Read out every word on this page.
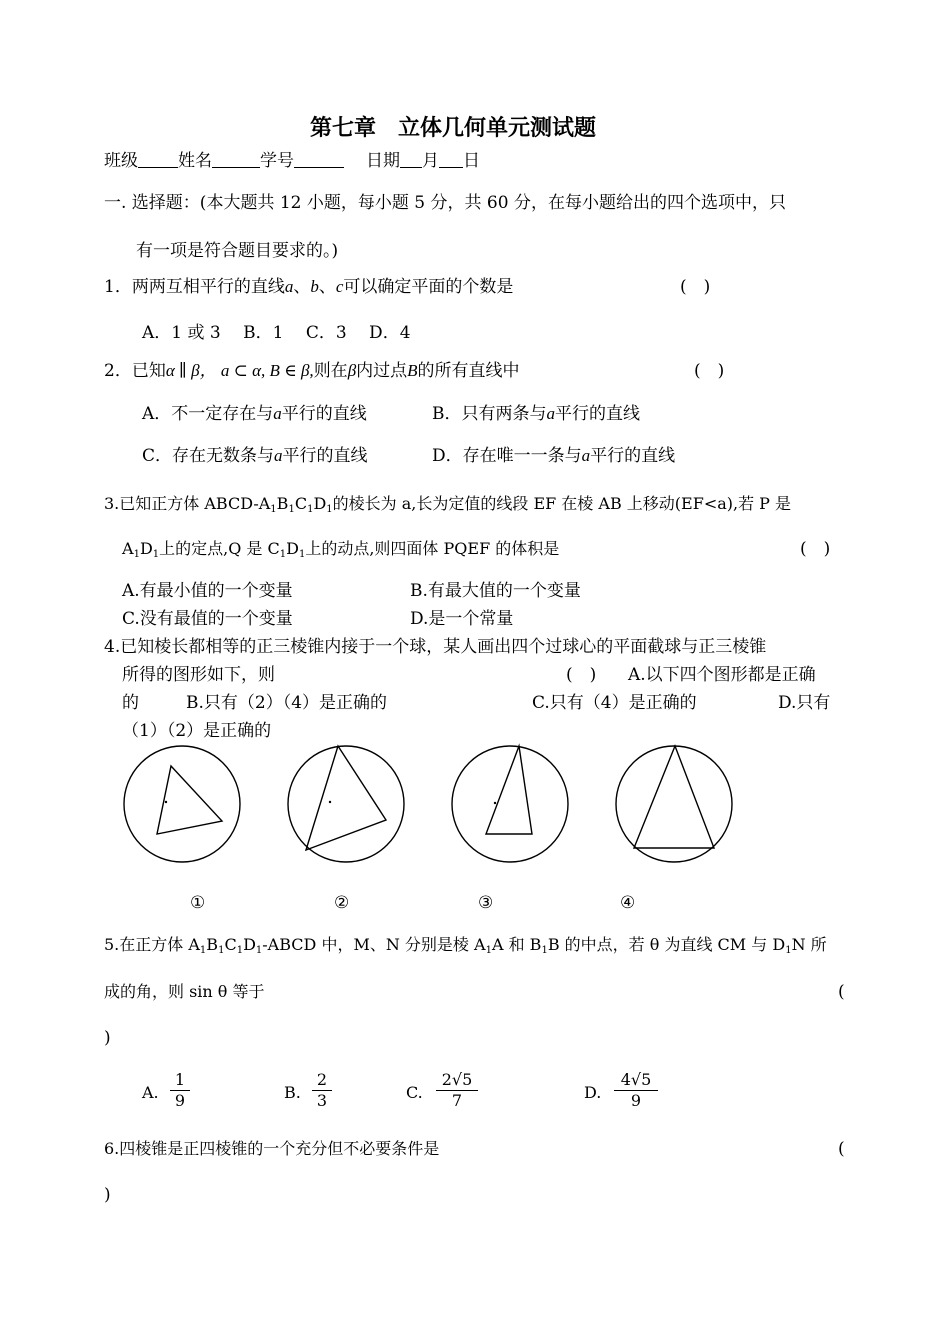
第七章　立体几何单元测试题
班级 姓名	学号	日期 月 日
一. 选择题：(本大题共 12 小题，每小题 5 分，共 60 分，在每小题给出的四个选项中，只
有一项是符合题目要求的。)
1．两两互相平行的直线a、b、c可以确定平面的个数是	(　)
A．1 或 3　 B．1　 C．3　 D．4
2．已知α ∥ β， a ⊂ α, B ∈ β,则在β内过点B的所有直线中	(　)
A．不一定存在与a平行的直线	B．只有两条与a平行的直线
C．存在无数条与a平行的直线	D．存在唯一一条与a平行的直线
3.已知正方体 ABCD-$A_1B_1C_1D_1$的棱长为 a,长为定值的线段 EF 在棱 AB 上移动(EF<a),若 P 是
$A_1D_1$上的定点,Q 是 $C_1D_1$上的动点,则四面体 PQEF 的体积是	(　)
A.有最小值的一个变量	B.有最大值的一个变量
C.没有最值的一个变量	D.是一个常量
4.已知棱长都相等的正三棱锥内接于一个球，某人画出四个过球心的平面截球与正三棱锥
所得的图形如下，则	(　) A.以下四个图形都是正确
的	B.只有（2）（4）是正确的	C.只有（4）是正确的	D.只有
（1）（2）是正确的
①	②	③	④
5.在正方体 $A_1B_1C_1D_1$-ABCD 中，M、N 分别是棱 $A_1A$ 和 $B_1B$ 的中点，若 θ 为直线 CM 与 $D_1N$ 所
成的角，则 sin θ 等于	(
)
A. $\frac{1}{9}$	B. $\frac{2}{3}$	C. $\frac{2√5}{7}$	D. $\frac{4√5}{9}$
6.四棱锥是正四棱锥的一个充分但不必要条件是	(
)
